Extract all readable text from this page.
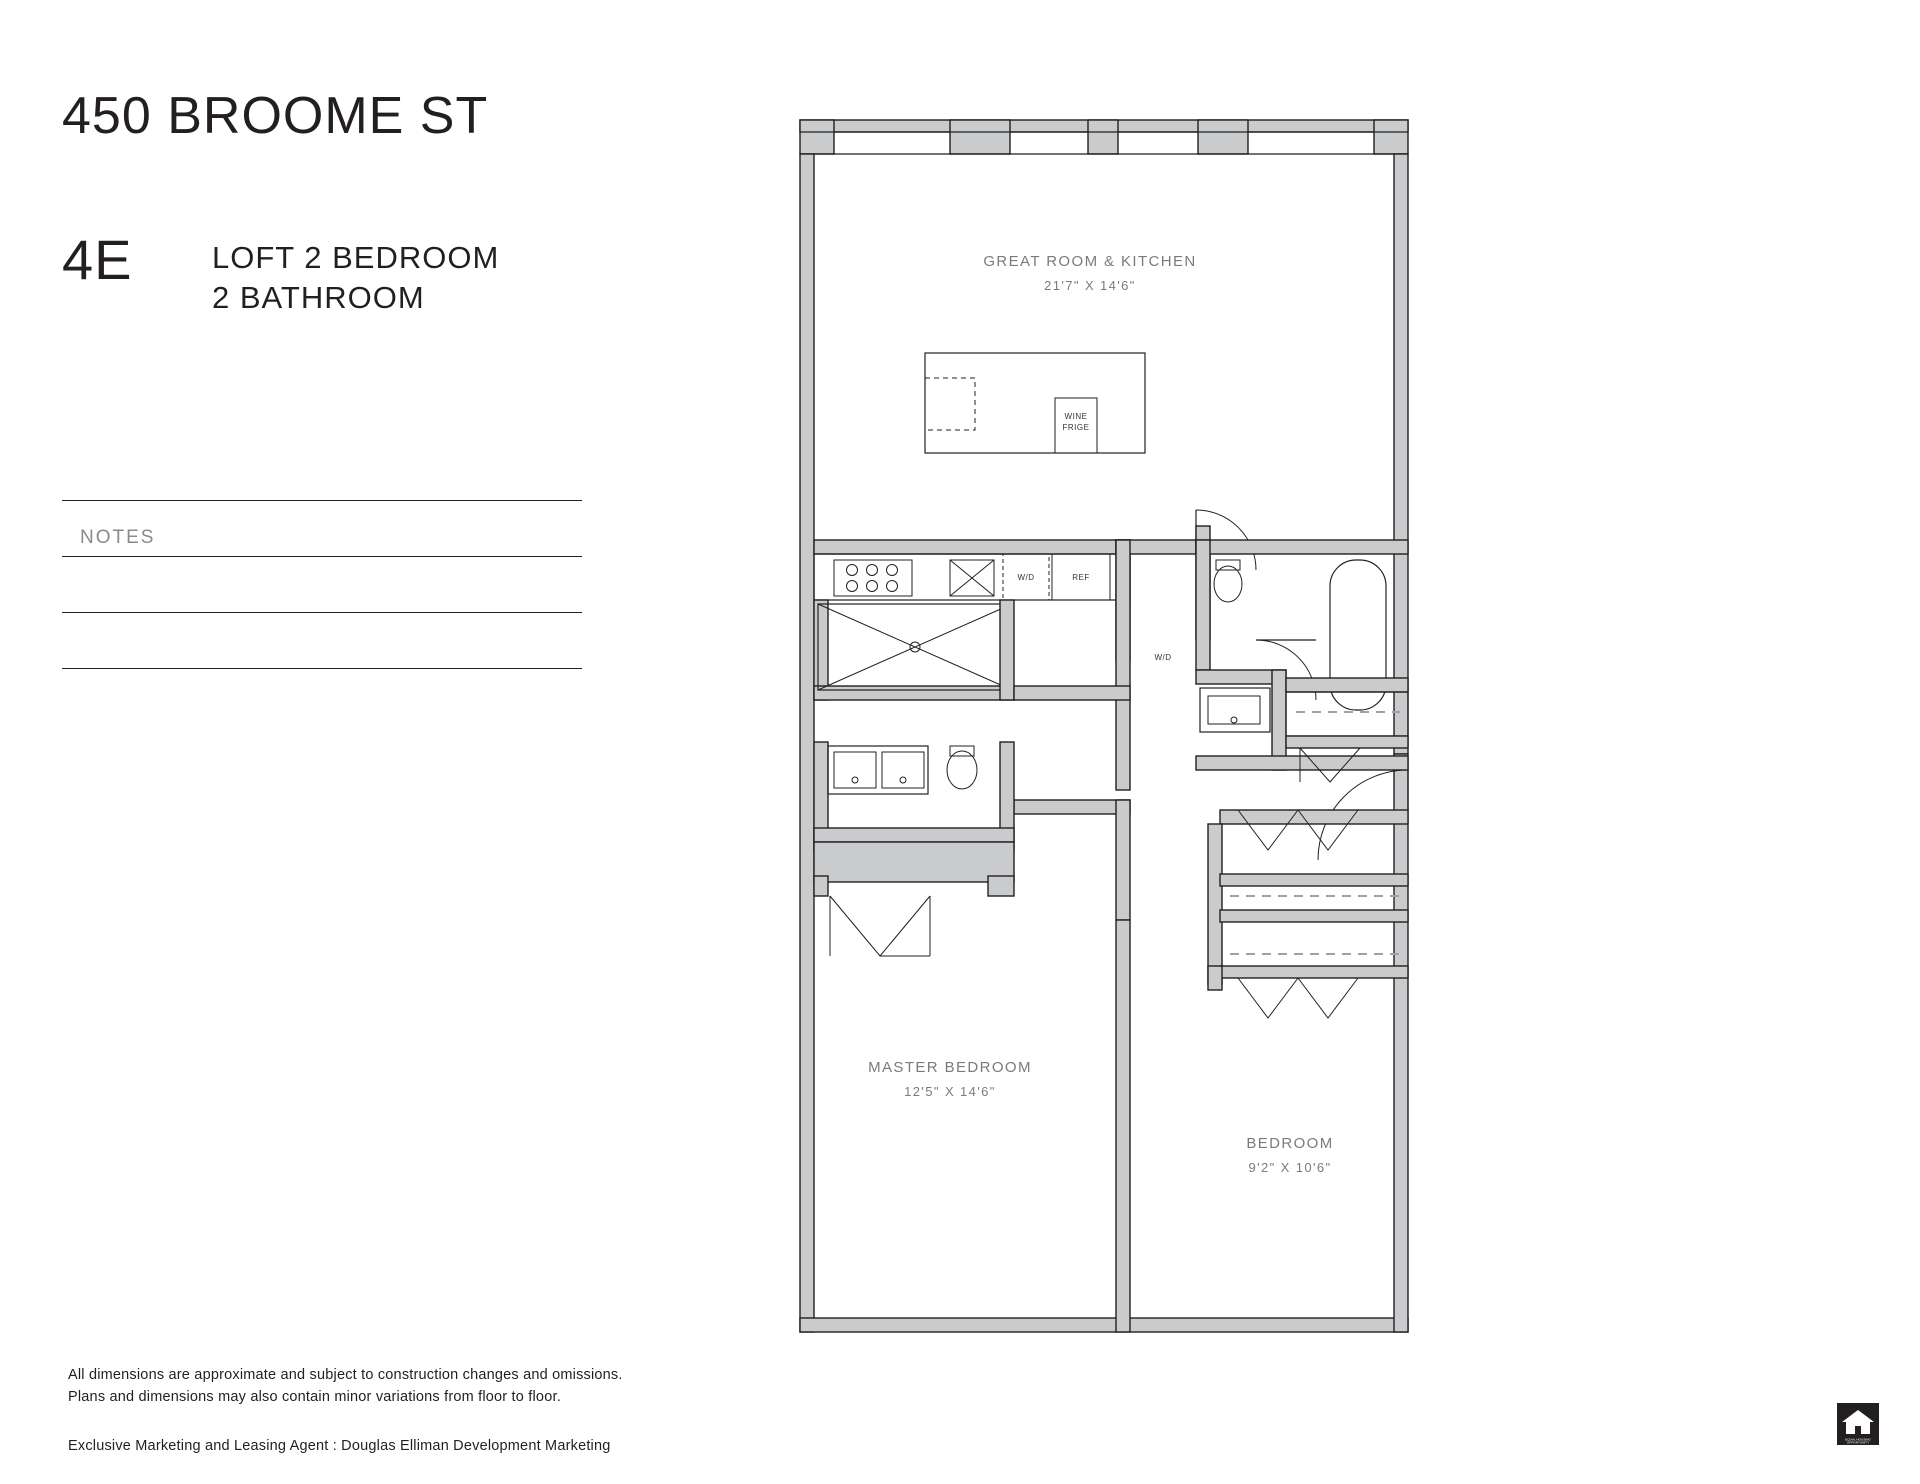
450 BROOME ST
4E	LOFT 2 BEDROOM
2 BATHROOM
NOTES
All dimensions are approximate and subject to construction changes and omissions.
Plans and dimensions may also contain minor variations from floor to floor.
Exclusive Marketing and Leasing Agent : Douglas Elliman Development Marketing	EQUAL HOUSING
OPPORTUNITY
GREAT ROOM & KITCHEN
21'7" X 14'6"
WINE
FRIGE
W/D	REF
W/D
MASTER BEDROOM
12'5" X 14'6"
BEDROOM
9'2" X 10'6"
